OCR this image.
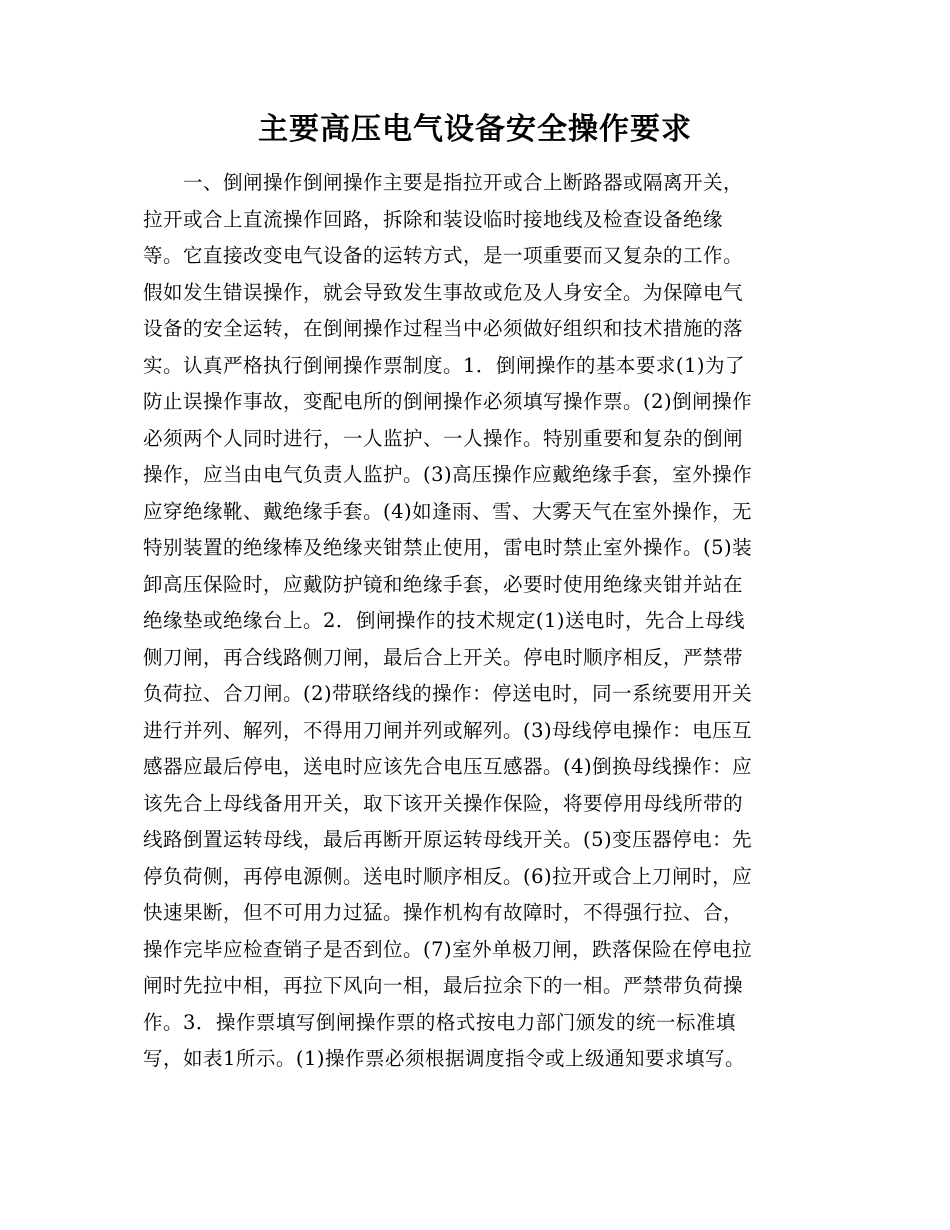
主要高压电气设备安全操作要求
一、倒闸操作倒闸操作主要是指拉开或合上断路器或隔离开关，
拉开或合上直流操作回路，拆除和装设临时接地线及检查设备绝缘
等。它直接改变电气设备的运转方式，是一项重要而又复杂的工作。
假如发生错误操作，就会导致发生事故或危及人身安全。为保障电气
设备的安全运转，在倒闸操作过程当中必须做好组织和技术措施的落
实。认真严格执行倒闸操作票制度。1．倒闸操作的基本要求(1)为了
防止误操作事故，变配电所的倒闸操作必须填写操作票。(2)倒闸操作
必须两个人同时进行，一人监护、一人操作。特别重要和复杂的倒闸
操作，应当由电气负责人监护。(3)高压操作应戴绝缘手套，室外操作
应穿绝缘靴、戴绝缘手套。(4)如逢雨、雪、大雾天气在室外操作，无
特别装置的绝缘棒及绝缘夹钳禁止使用，雷电时禁止室外操作。(5)装
卸高压保险时，应戴防护镜和绝缘手套，必要时使用绝缘夹钳并站在
绝缘垫或绝缘台上。2．倒闸操作的技术规定(1)送电时，先合上母线
侧刀闸，再合线路侧刀闸，最后合上开关。停电时顺序相反，严禁带
负荷拉、合刀闸。(2)带联络线的操作：停送电时，同一系统要用开关
进行并列、解列，不得用刀闸并列或解列。(3)母线停电操作：电压互
感器应最后停电，送电时应该先合电压互感器。(4)倒换母线操作：应
该先合上母线备用开关，取下该开关操作保险，将要停用母线所带的
线路倒置运转母线，最后再断开原运转母线开关。(5)变压器停电：先
停负荷侧，再停电源侧。送电时顺序相反。(6)拉开或合上刀闸时，应
快速果断，但不可用力过猛。操作机构有故障时，不得强行拉、合，
操作完毕应检查销子是否到位。(7)室外单极刀闸，跌落保险在停电拉
闸时先拉中相，再拉下风向一相，最后拉余下的一相。严禁带负荷操
作。3．操作票填写倒闸操作票的格式按电力部门颁发的统一标准填
写，如表1所示。(1)操作票必须根据调度指令或上级通知要求填写。
